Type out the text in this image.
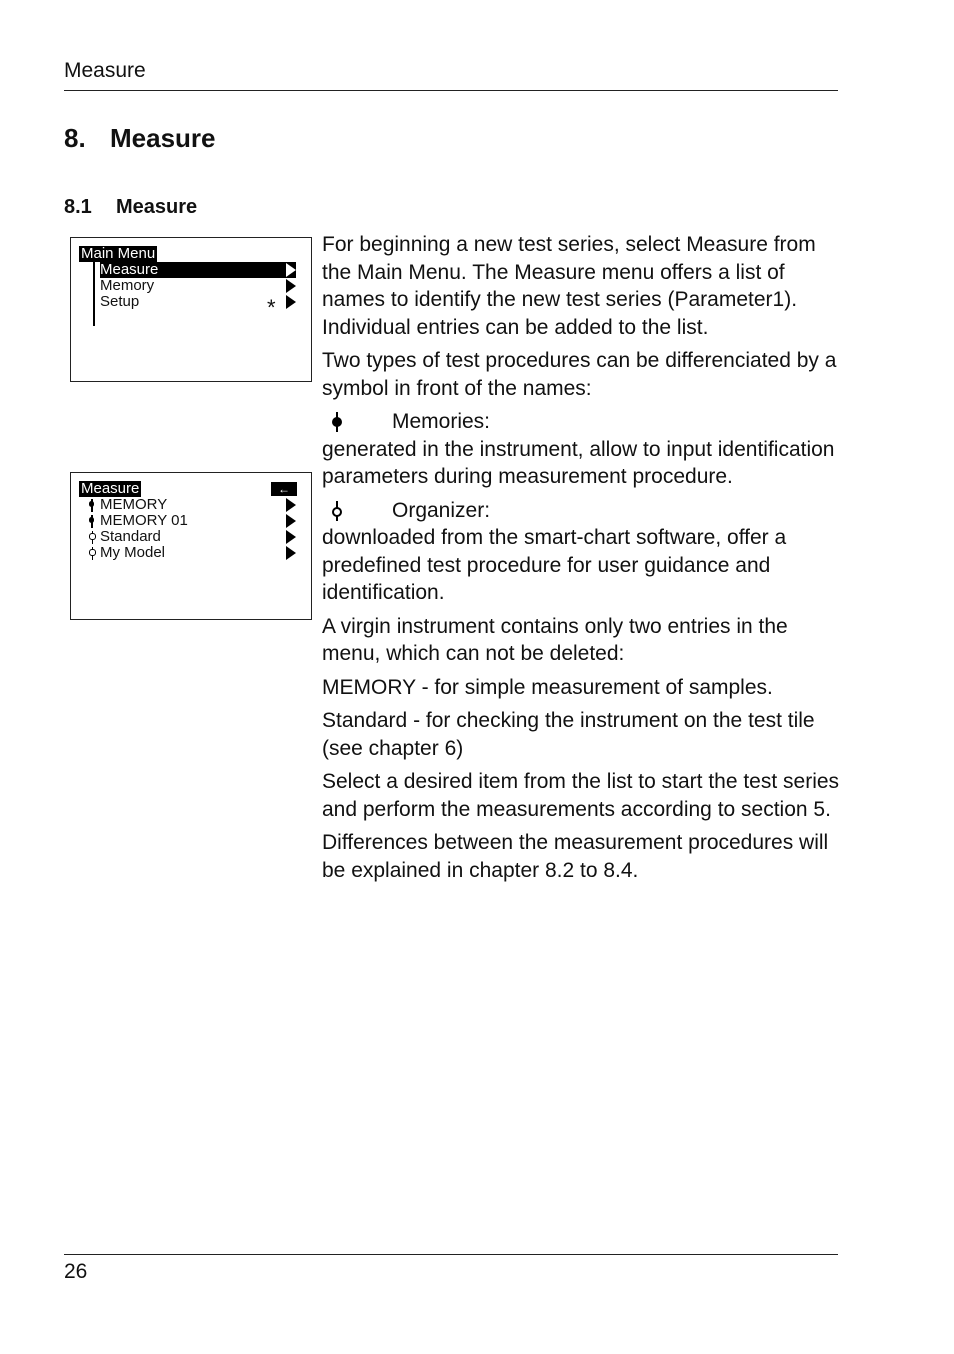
Measure
8. Measure
8.1 Measure
Main Menu
Measure
Memory
Setup	*
Measure	←
MEMORY
MEMORY 01
Standard
My Model

For beginning a new test series, select Measure from the Main Menu. The Measure menu offers a list of names to identify the new test series (Parameter1). Individual entries can be added to the list.

Two types of test procedures can be differenciated by a symbol in front of the names:

Memories:

generated in the instrument, allow to input identification parameters during measurement procedure.

Organizer:

downloaded from the smart-chart software, offer a predefined test procedure for user guidance and identification.

A virgin instrument contains only two entries in the menu, which can not be deleted:

MEMORY - for simple measurement of samples.

Standard - for checking the instrument on the test tile (see chapter 6)

Select a desired item from the list to start the test series and perform the measurements according to section 5.

Differences between the measurement procedures will be explained in chapter 8.2 to 8.4.

26
